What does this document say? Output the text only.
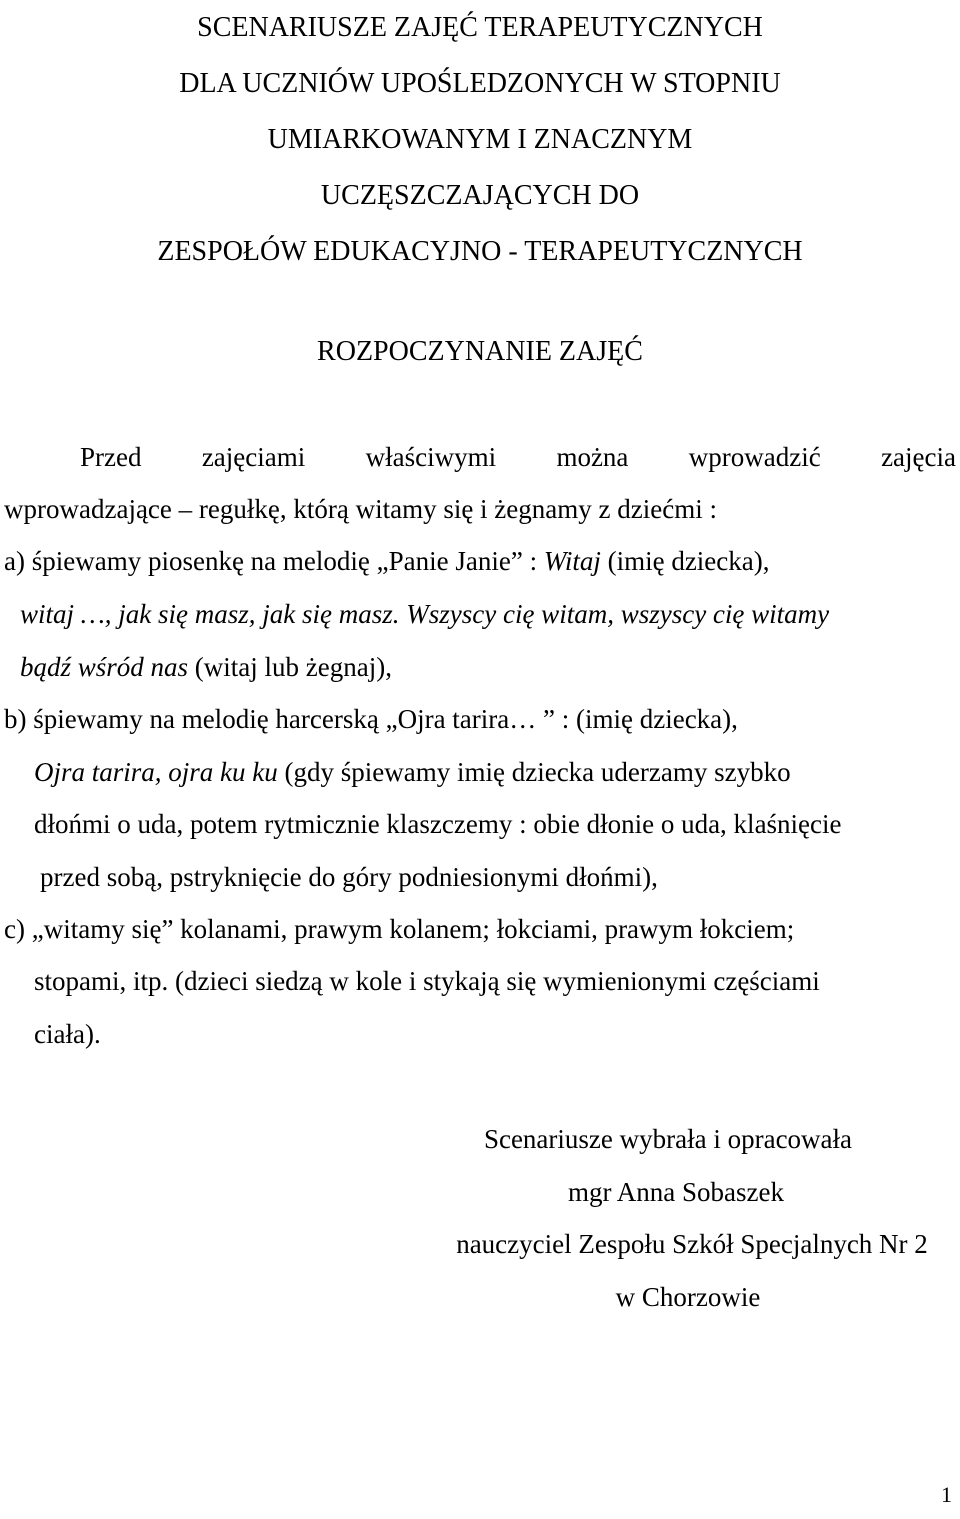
SCENARIUSZE ZAJĘĆ TERAPEUTYCZNYCH
DLA UCZNIÓW UPOŚLEDZONYCH W STOPNIU
UMIARKOWANYM I ZNACZNYM
UCZĘSZCZAJĄCYCH DO
ZESPOŁÓW EDUKACYJNO - TERAPEUTYCZNYCH
ROZPOCZYNANIE ZAJĘĆ
Przed zajęciami właściwymi można wprowadzić zajęcia
wprowadzające – regułkę, którą witamy się i żegnamy z dziećmi :
a) śpiewamy piosenkę na melodię „Panie Janie” : Witaj (imię dziecka),
witaj …, jak się masz, jak się masz. Wszyscy cię witam, wszyscy cię witamy
bądź wśród nas (witaj lub żegnaj),
b) śpiewamy na melodię harcerską „Ojra tarira… ” : (imię dziecka),
Ojra tarira, ojra ku ku (gdy śpiewamy imię dziecka uderzamy szybko
dłońmi o uda, potem rytmicznie klaszczemy : obie dłonie o uda, klaśnięcie
przed sobą, pstryknięcie do góry podniesionymi dłońmi),
c) „witamy się” kolanami, prawym kolanem; łokciami, prawym łokciem;
stopami, itp. (dzieci siedzą w kole i stykają się wymienionymi częściami
ciała).
Scenariusze wybrała i opracowała
mgr Anna Sobaszek
nauczyciel Zespołu Szkół Specjalnych Nr 2
w Chorzowie
1
